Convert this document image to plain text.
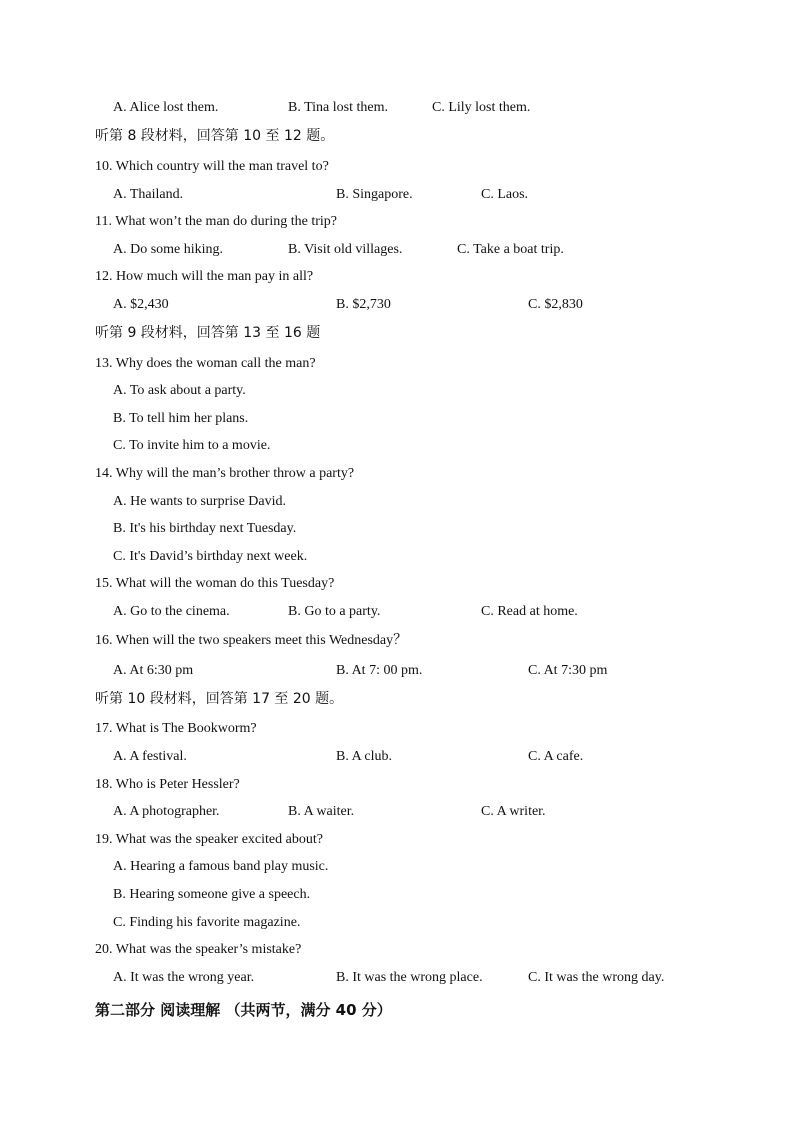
A. Alice lost them.	B. Tina lost them.	C. Lily lost them.
听第 8 段材料，回答第 10 至 12 题。
10. Which country will the man travel to?
A. Thailand.	B. Singapore.	C. Laos.
11. What won’t the man do during the trip?
A. Do some hiking.	B. Visit old villages.	C. Take a boat trip.
12. How much will the man pay in all?
A. $2,430	B. $2,730	C. $2,830
听第 9 段材料，回答第 13 至 16 题
13. Why does the woman call the man?
A. To ask about a party.
B. To tell him her plans.
C. To invite him to a movie.
14. Why will the man’s brother throw a party?
A. He wants to surprise David.
B. It's his birthday next Tuesday.
C. It's David’s birthday next week.
15. What will the woman do this Tuesday?
A. Go to the cinema.	B. Go to a party.	C. Read at home.
16. When will the two speakers meet this Wednesday？
A. At 6:30 pm	B. At 7: 00 pm.	C. At 7:30 pm
听第 10 段材料，回答第 17 至 20 题。
17. What is The Bookworm?
A. A festival.	B. A club.	C. A cafe.
18. Who is Peter Hessler?
A. A photographer.	B. A waiter.	C. A writer.
19. What was the speaker excited about?
A. Hearing a famous band play music.
B. Hearing someone give a speech.
C. Finding his favorite magazine.
20. What was the speaker’s mistake?
A. It was the wrong year.	B. It was the wrong place.	C. It was the wrong day.
第二部分 阅读理解 （共两节，满分 40 分）
